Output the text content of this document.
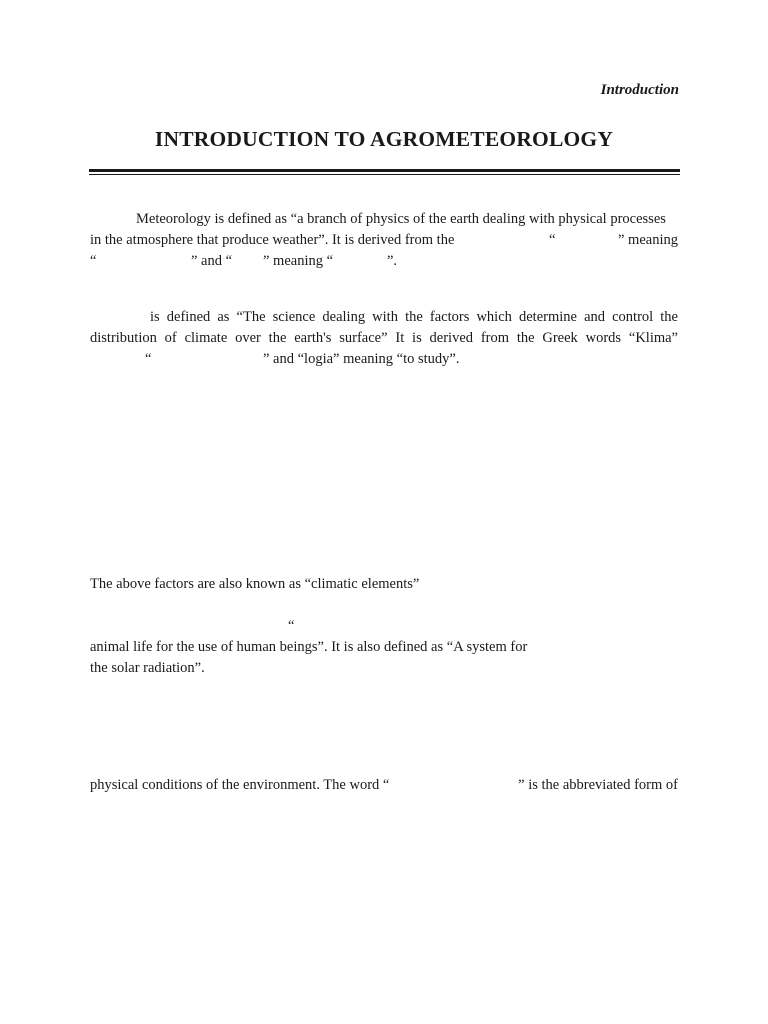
Introduction
INTRODUCTION TO AGROMETEOROLOGY
Meteorology is defined as “a branch of physics of the earth dealing with physical processes
in the atmosphere that produce weather”. It is derived from the	“	” meaning
“	” and “ ” meaning “	”.
is defined as “The science dealing with the factors which determine and control the
distribution of climate over the earth's surface” It is derived from the Greek words “Klima”
“	” and “logia” meaning “to study”.
The above factors are also known as “climatic elements”
“
animal life for the use of human beings”. It is also defined as “A system for
the solar radiation”.
physical conditions of the environment. The word “	” is the abbreviated form of
